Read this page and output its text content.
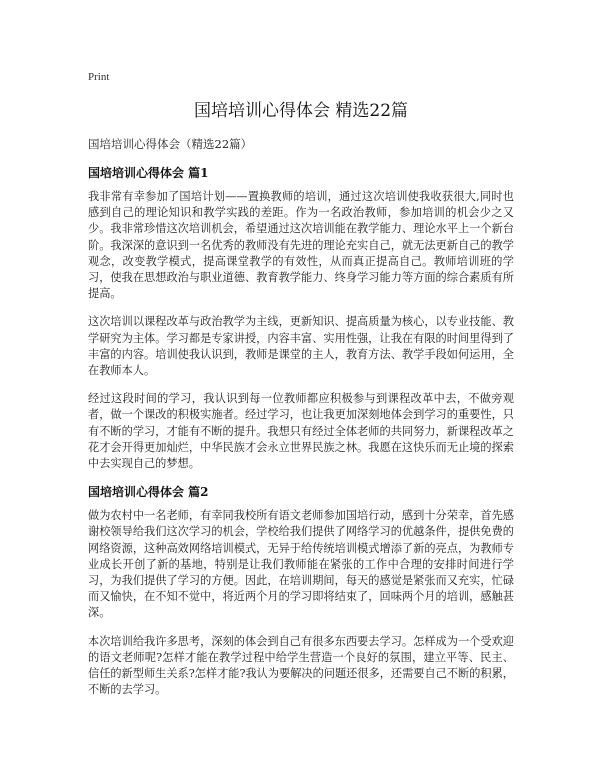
Print
国培培训心得体会 精选22篇
国培培训心得体会（精选22篇）
国培培训心得体会 篇1

我非常有幸参加了国培计划——置换教师的培训，通过这次培训使我收获很大,同时也感到自己的理论知识和教学实践的差距。作为一名政治教师，参加培训的机会少之又少。我非常珍惜这次培训机会，希望通过这次培训能在教学能力、理论水平上一个新台阶。我深深的意识到一名优秀的教师没有先进的理论充实自己，就无法更新自己的教学观念，改变教学模式，提高课堂教学的有效性，从而真正提高自己。教师培训班的学习，使我在思想政治与职业道德、教育教学能力、终身学习能力等方面的综合素质有所提高。

这次培训以课程改革与政治教学为主线，更新知识、提高质量为核心，以专业技能、教学研究为主体。学习都是专家讲授，内容丰富、实用性强，让我在有限的时间里得到了丰富的内容。培训使我认识到，教师是课堂的主人，教育方法、教学手段如何运用，全在教师本人。

经过这段时间的学习，我认识到每一位教师都应积极参与到课程改革中去，不做旁观者，做一个课改的积极实施者。经过学习，也让我更加深刻地体会到学习的重要性，只有不断的学习，才能有不断的提升。我想只有经过全体老师的共同努力，新课程改革之花才会开得更加灿烂，中华民族才会永立世界民族之林。我愿在这快乐而无止境的探索中去实现自己的梦想。

国培培训心得体会 篇2

做为农村中一名老师，有幸同我校所有语文老师参加国培行动，感到十分荣幸，首先感谢校领导给我们这次学习的机会，学校给我们提供了网络学习的优越条件，提供免费的网络资源，这种高效网络培训模式，无异于给传统培训模式增添了新的亮点，为教师专业成长开创了新的基地，特别是让我们教师能在紧张的工作中合理的安排时间进行学习，为我们提供了学习的方便。因此，在培训期间，每天的感觉是紧张而又充实，忙碌而又愉快，在不知不觉中，将近两个月的学习即将结束了，回味两个月的培训，感触甚深。

本次培训给我许多思考，深刻的体会到自己有很多东西要去学习。怎样成为一个受欢迎的语文老师呢?怎样才能在教学过程中给学生营造一个良好的氛围，建立平等、民主、信任的新型师生关系?怎样才能?我认为要解决的问题还很多，还需要自己不断的积累，不断的去学习。
